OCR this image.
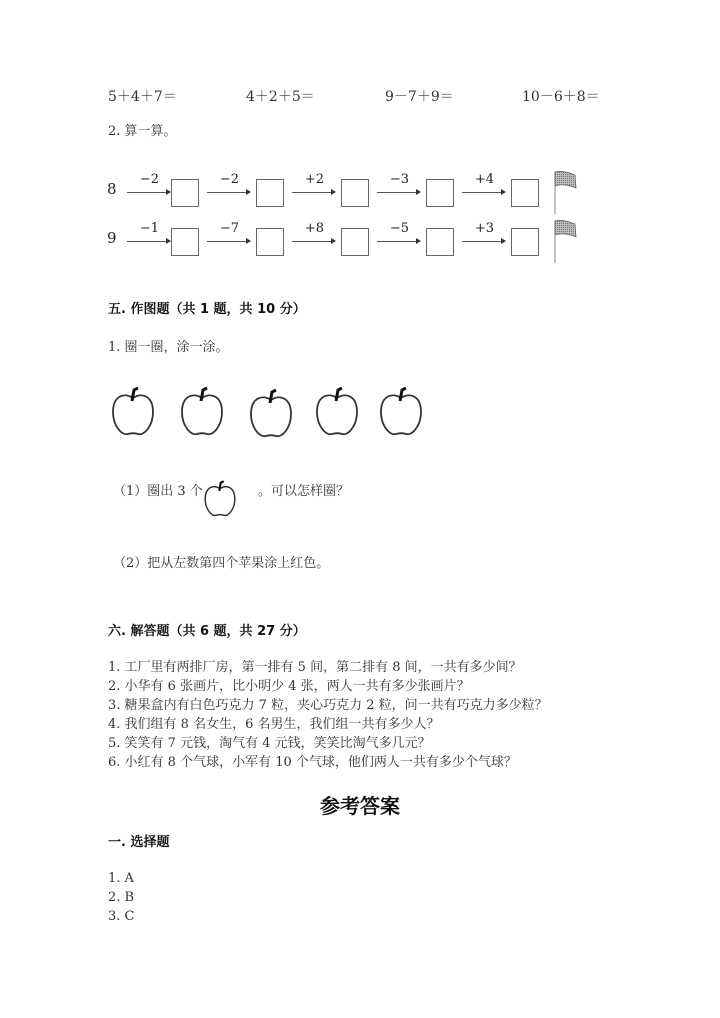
5＋4＋7＝	4＋2＋5＝	9－7＋9＝	10－6＋8＝
2. 算一算。
8
−2	−2	+2	−3	+4
9
−1	−7	+8	−5	+3
五. 作图题（共 1 题，共 10 分）
1. 圈一圈，涂一涂。
（1）圈出 3 个	。可以怎样圈？
（2）把从左数第四个苹果涂上红色。
六. 解答题（共 6 题，共 27 分）
1. 工厂里有两排厂房，第一排有 5 间，第二排有 8 间，一共有多少间？
2. 小华有 6 张画片，比小明少 4 张，两人一共有多少张画片？
3. 糖果盒内有白色巧克力 7 粒，夹心巧克力 2 粒，问一共有巧克力多少粒？
4. 我们组有 8 名女生，6 名男生，我们组一共有多少人？
5. 笑笑有 7 元钱，淘气有 4 元钱，笑笑比淘气多几元？
6. 小红有 8 个气球，小军有 10 个气球，他们两人一共有多少个气球？
参考答案
一. 选择题
1. A
2. B
3. C
